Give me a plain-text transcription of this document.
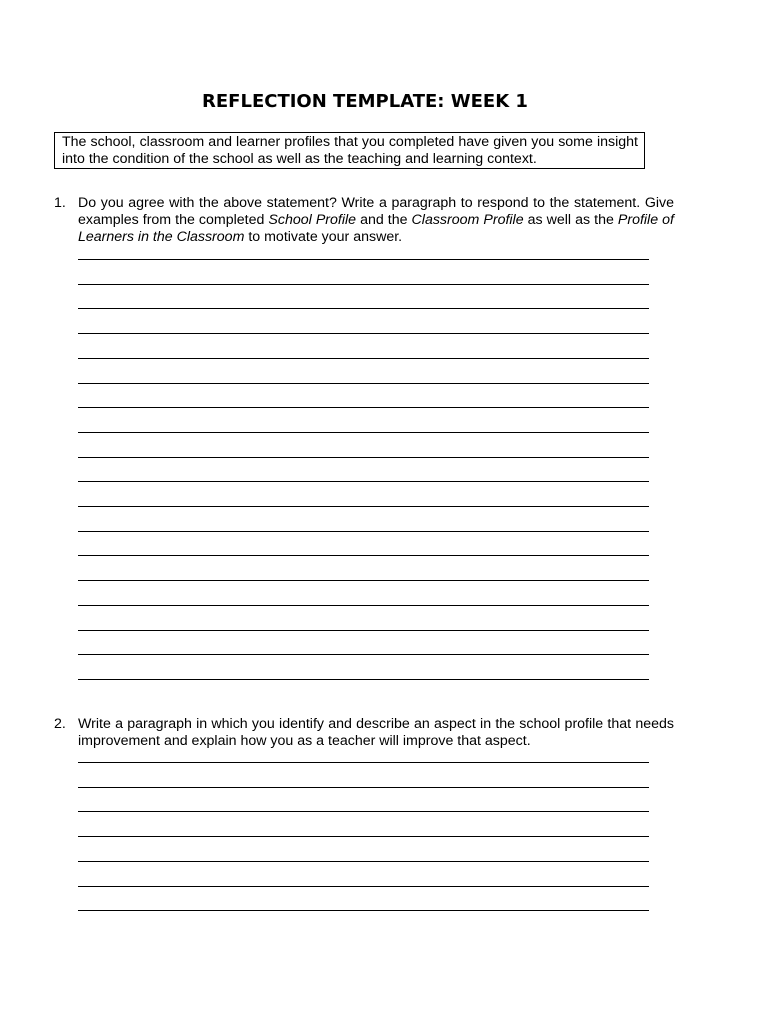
REFLECTION TEMPLATE: WEEK 1
The school, classroom and learner profiles that you completed have given you some insight into the condition of the school as well as the teaching and learning context.
1. Do you agree with the above statement? Write a paragraph to respond to the statement. Give examples from the completed School Profile and the Classroom Profile as well as the Profile of Learners in the Classroom to motivate your answer.
2. Write a paragraph in which you identify and describe an aspect in the school profile that needs improvement and explain how you as a teacher will improve that aspect.
